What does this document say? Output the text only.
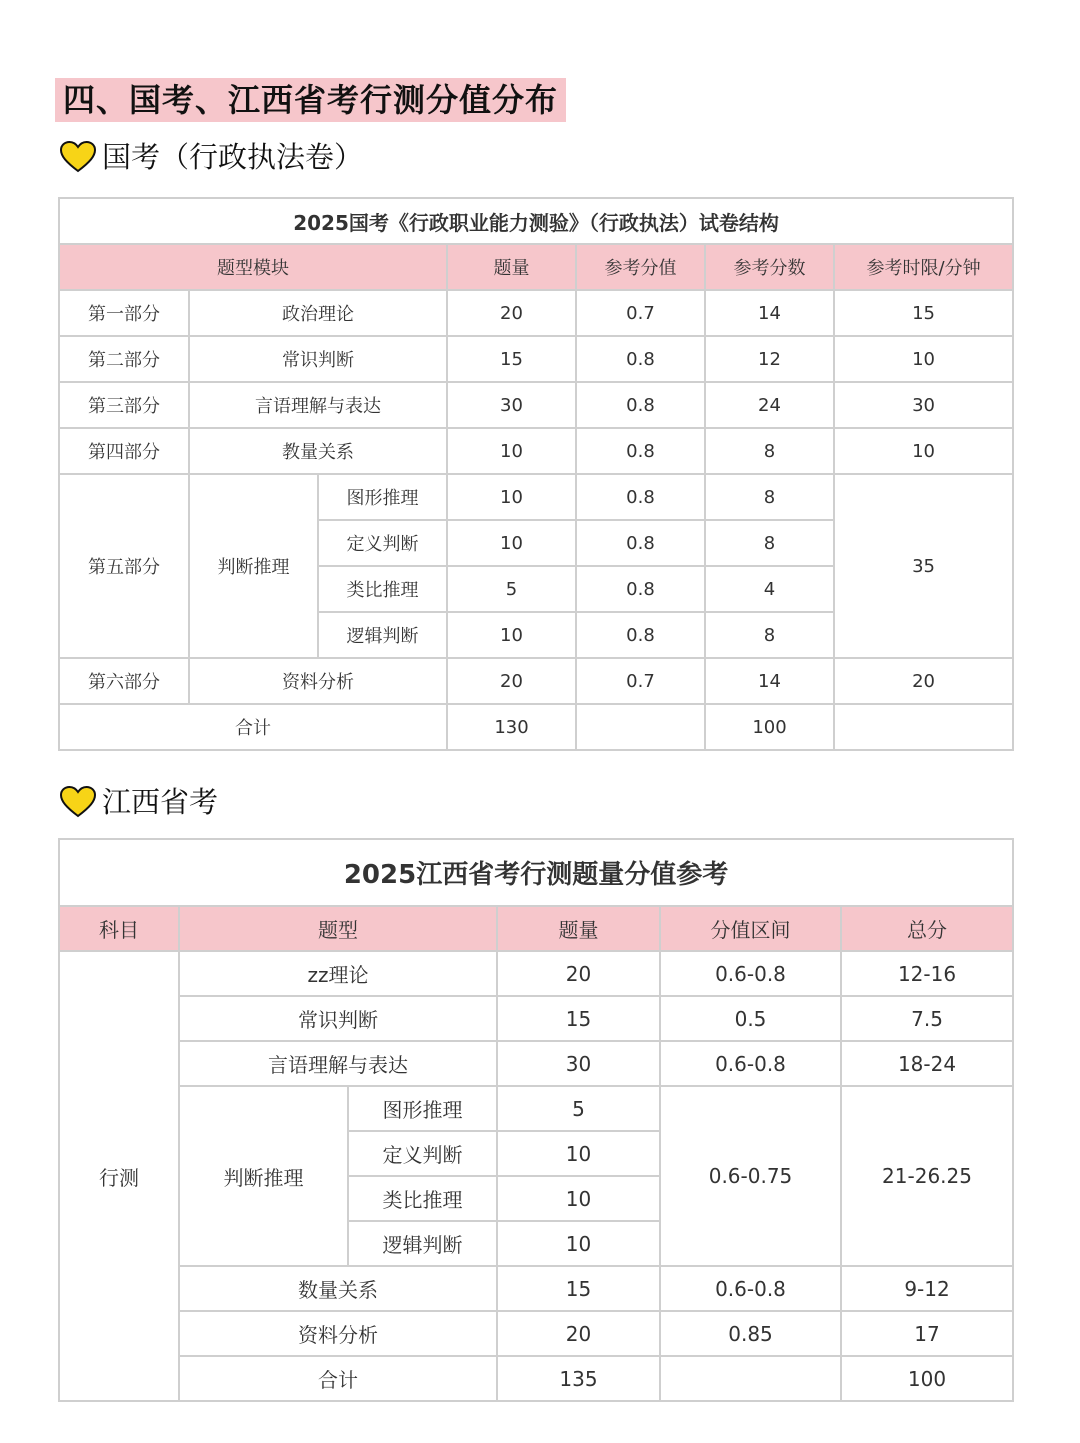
四、国考、江西省考行测分值分布
国考（行政执法卷）
2025国考《行政职业能力测验》（行政执法）试卷结构						
题型模块			题量	参考分值	参考分数	参考时限/分钟
第一部分	政治理论		20	0.7	14	15
第二部分	常识判断		15	0.8	12	10
第三部分	言语理解与表达		30	0.8	24	30
第四部分	教量关系		10	0.8	8	10
第五部分	判断推理	图形推理	10	0.8	8	35
		定义判断	10	0.8	8	
		类比推理	5	0.8	4	
		逻辑判断	10	0.8	8	
第六部分	资料分析		20	0.7	14	20
合计			130		100	
江西省考
2025江西省考行测题量分值参考					
科目	题型		题量	分值区间	总分
行测	zz理论		20	0.6-0.8	12-16
	常识判断		15	0.5	7.5
	言语理解与表达		30	0.6-0.8	18-24
	判断推理	图形推理	5	0.6-0.75	21-26.25
		定义判断	10		
		类比推理	10		
		逻辑判断	10		
	数量关系		15	0.6-0.8	9-12
	资料分析		20	0.85	17
	合计		135		100
